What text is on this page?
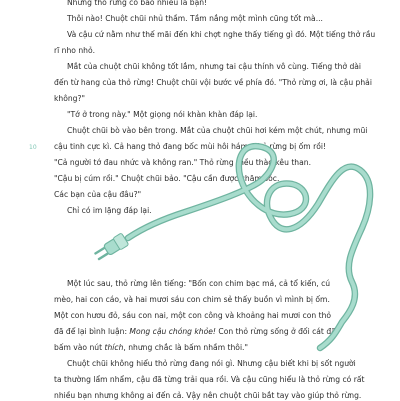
10
Nhưng thỏ rừng có bao nhiêu là bạn!
Thôi nào! Chuột chũi nhủ thầm. Tầm nắng một mình cũng tốt mà...
Và cậu cứ nằm như thế mãi đến khi chợt nghe thấy tiếng gì đó. Một tiếng thở rầu
rĩ nho nhỏ.
Mắt của chuột chũi không tốt lắm, nhưng tai cậu thính vô cùng. Tiếng thở dài
đến từ hang của thỏ rừng! Chuột chũi vội bước về phía đó. "Thỏ rừng ơi, là cậu phải
không?"
"Tớ ở trong này." Một giọng nói khàn khàn đáp lại.
Chuột chũi bò vào bên trong. Mắt của chuột chũi hơi kém một chút, nhưng mũi
cậu tinh cực kì. Cả hang thỏ đang bốc mùi hôi hám. Thỏ rừng bị ốm rồi!
"Cả người tớ đau nhức và không ran." Thỏ rừng thều thào kêu than.
"Cậu bị cúm rồi." Chuột chũi bảo. "Cậu cần được chăm sóc.
Các bạn của cậu đâu?"
Chỉ có im lặng đáp lại.
Một lúc sau, thỏ rừng lên tiếng: "Bốn con chim bạc má, cả tổ kiến, cú
mèo, hai con cáo, và hai mươi sáu con chim sẻ thấy buồn vì mình bị ốm.
Một con hươu đỏ, sáu con nai, một con công và khoảng hai mươi con thỏ
đã để lại bình luận: Mong cậu chóng khỏe! Con thỏ rừng sống ở đối cát đã
bấm vào nút thích, nhưng chắc là bấm nhầm thôi."
Chuột chũi không hiểu thỏ rừng đang nói gì. Nhưng cậu biết khi bị sốt người
ta thường lẩm nhẩm, cậu đã từng trải qua rồi. Và cậu cũng hiểu là thỏ rừng có rất
nhiều bạn nhưng không ai đến cả. Vậy nên chuột chũi bắt tay vào giúp thỏ rừng.
